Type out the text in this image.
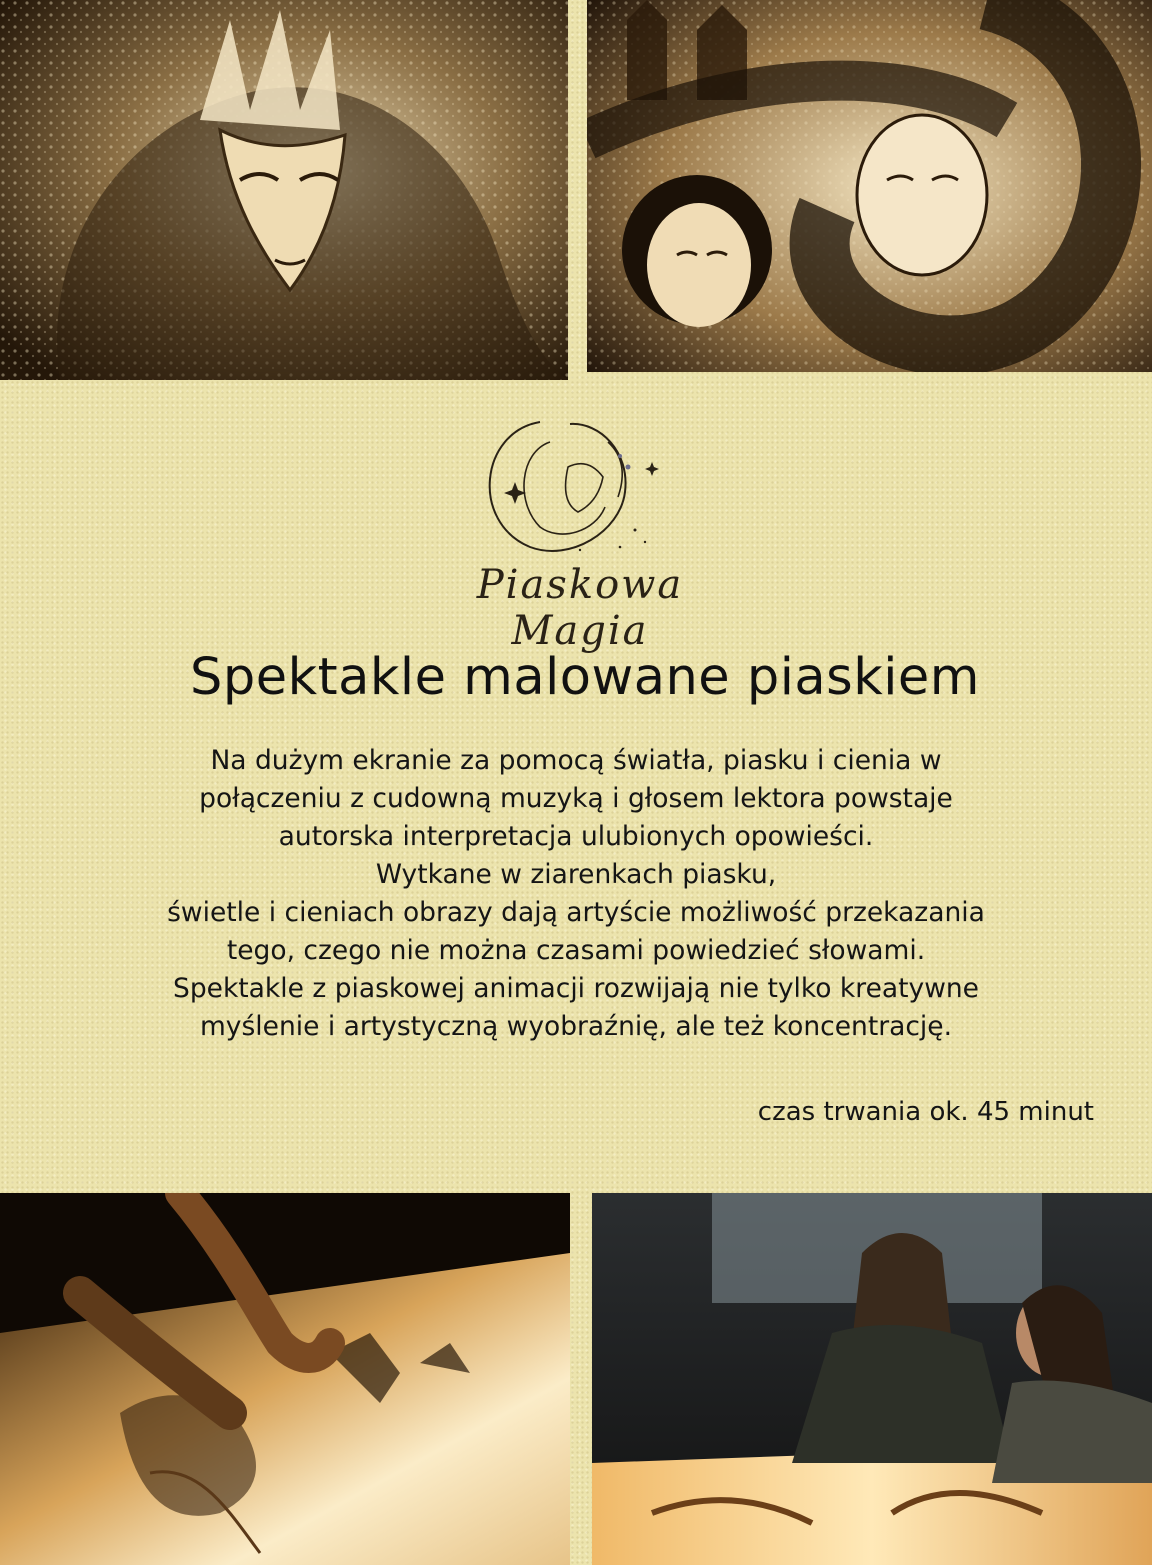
Piaskowa Magia
Spektakle malowane piaskiem
Na dużym ekranie za pomocą światła, piasku i cienia w
połączeniu z cudowną muzyką i głosem lektora powstaje
autorska interpretacja ulubionych opowieści.
Wytkane w ziarenkach piasku,
świetle i cieniach obrazy dają artyście możliwość przekazania
tego, czego nie można czasami powiedzieć słowami.
Spektakle z piaskowej animacji rozwijają nie tylko kreatywne
myślenie i artystyczną wyobraźnię, ale też koncentrację.
czas trwania ok. 45 minut
